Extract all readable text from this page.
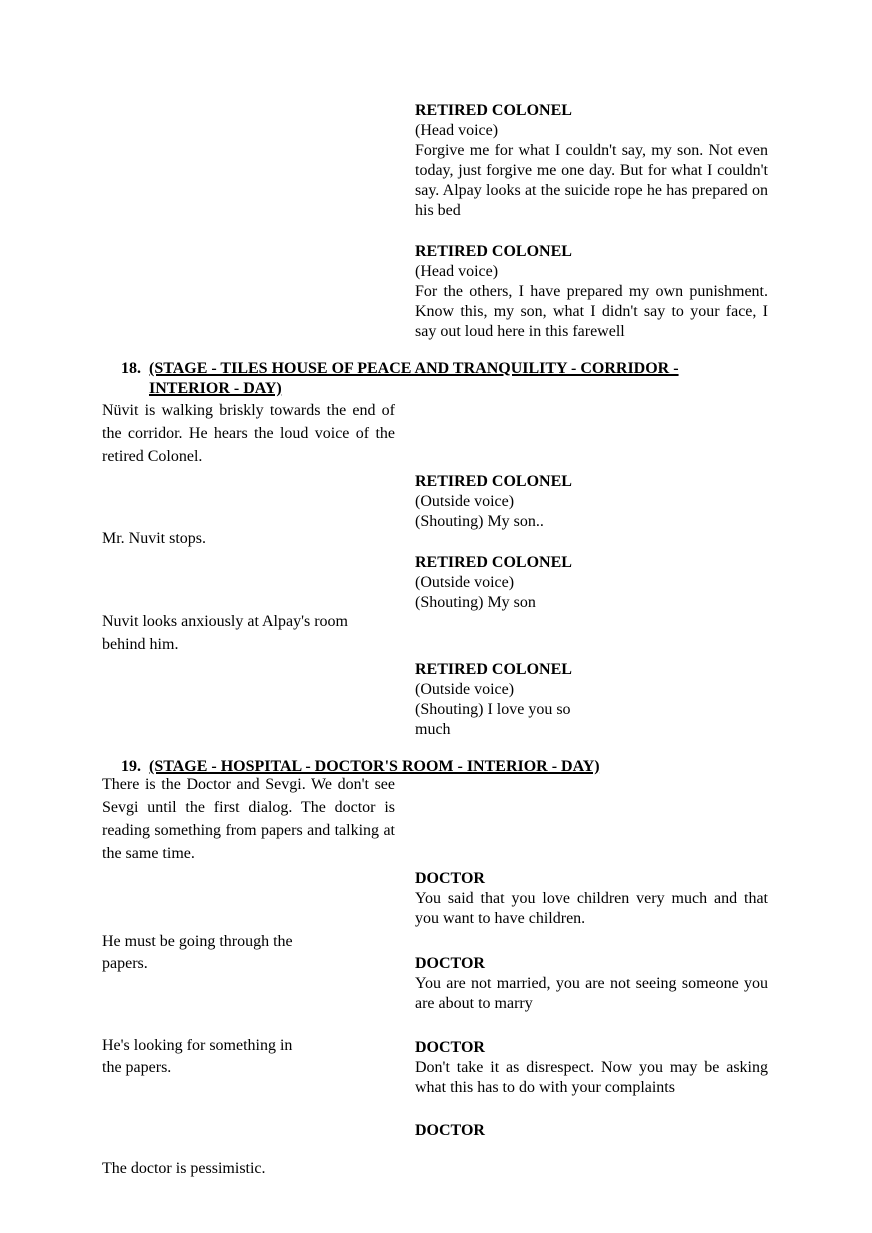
RETIRED COLONEL
(Head voice)
Forgive me for what I couldn't say, my son. Not even today, just forgive me one day. But for what I couldn't say. Alpay looks at the suicide rope he has prepared on his bed
RETIRED COLONEL
(Head voice)
For the others, I have prepared my own punishment. Know this, my son, what I didn't say to your face, I say out loud here in this farewell
18. (STAGE - TILES HOUSE OF PEACE AND TRANQUILITY - CORRIDOR - INTERIOR - DAY)
Nüvit is walking briskly towards the end of the corridor. He hears the loud voice of the retired Colonel.
RETIRED COLONEL
(Outside voice)
(Shouting) My son..
Mr. Nuvit stops.
RETIRED COLONEL
(Outside voice)
(Shouting) My son
Nuvit looks anxiously at Alpay's room behind him.
RETIRED COLONEL
(Outside voice)
(Shouting) I love you so much
19. (STAGE - HOSPITAL - DOCTOR'S ROOM - INTERIOR - DAY)
There is the Doctor and Sevgi. We don't see Sevgi until the first dialog. The doctor is reading something from papers and talking at the same time.
DOCTOR
You said that you love children very much and that you want to have children.
He must be going through the papers.	DOCTOR
You are not married, you are not seeing someone you are about to marry
He's looking for something in the papers.
DOCTOR
Don't take it as disrespect. Now you may be asking what this has to do with your complaints
DOCTOR
The doctor is pessimistic.
